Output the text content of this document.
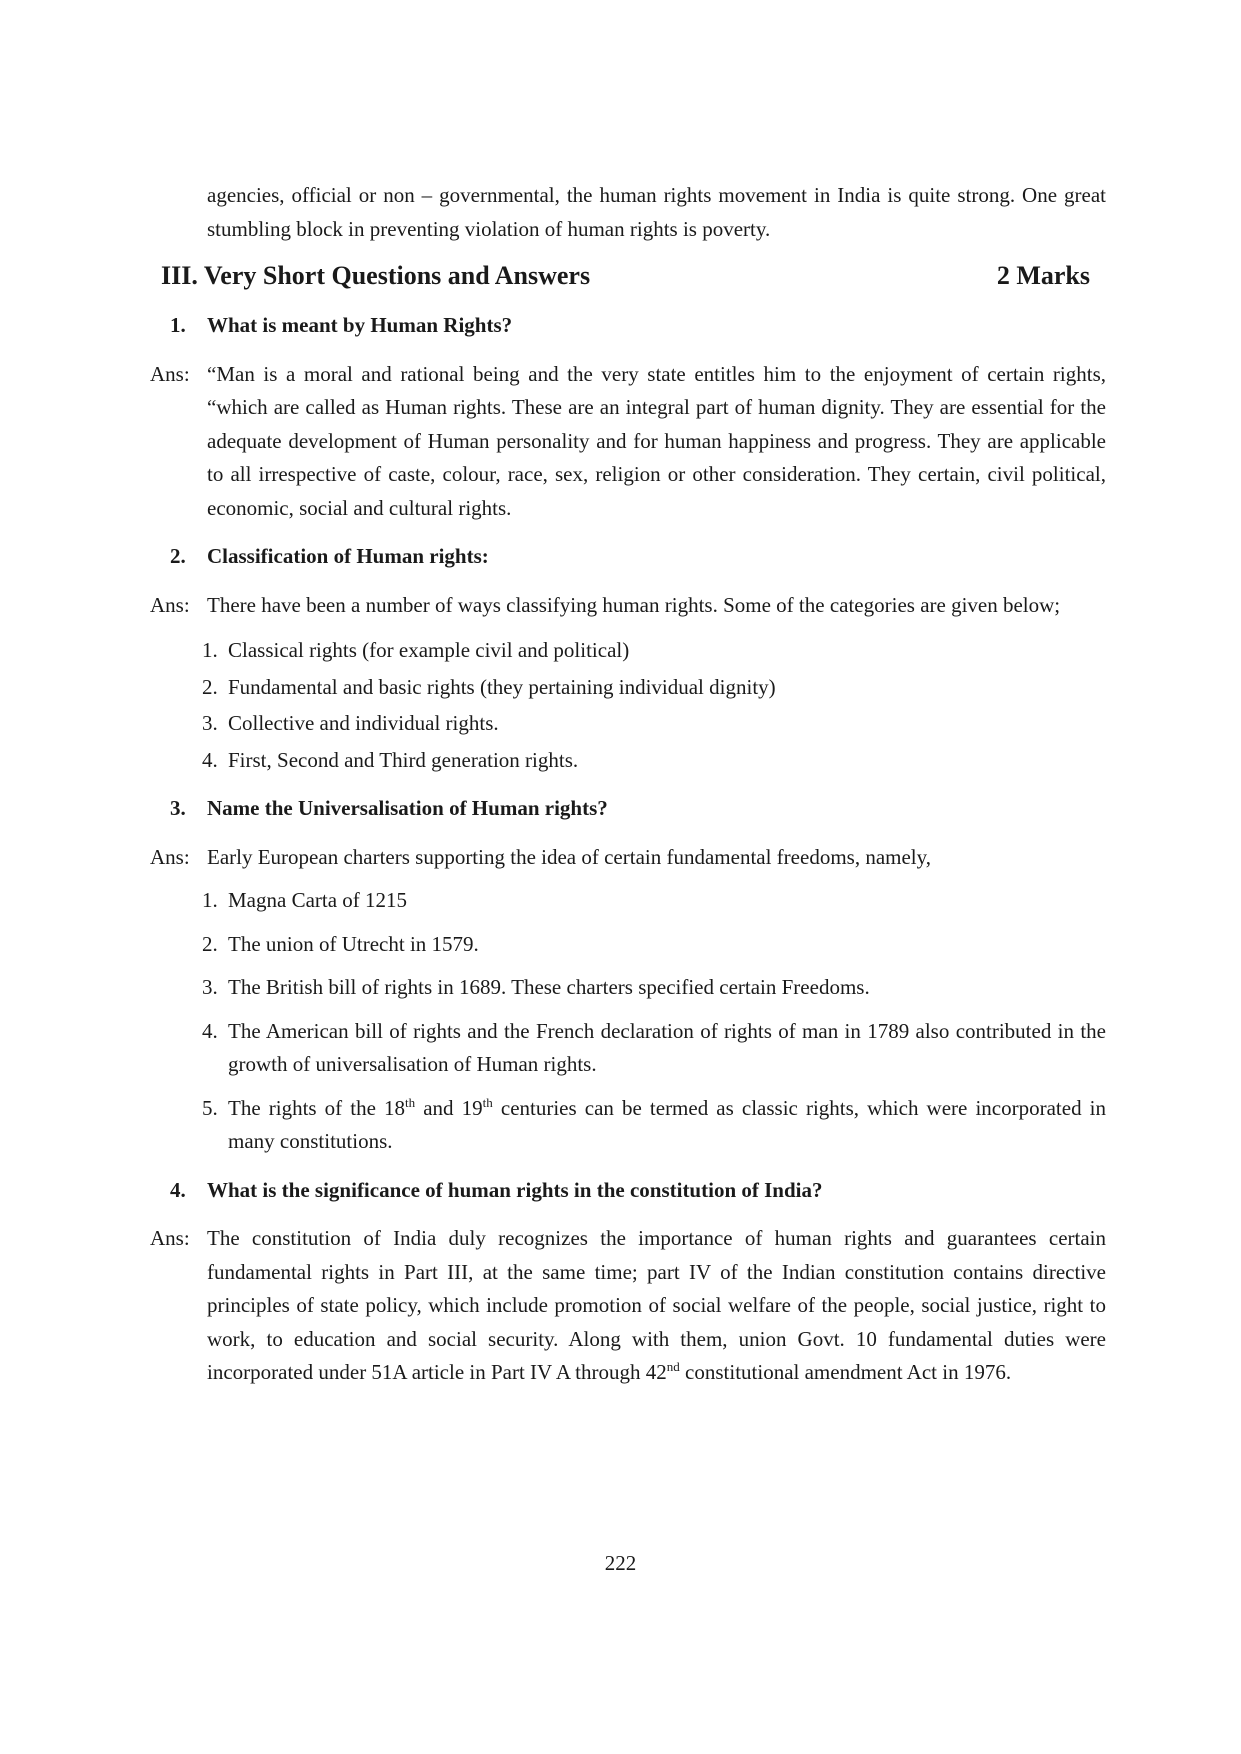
agencies, official or non – governmental, the human rights movement in India is quite strong. One great stumbling block in preventing violation of human rights is poverty.

III. Very Short Questions and Answers	2 Marks
1.	What is meant by Human Rights?
Ans: “Man is a moral and rational being and the very state entitles him to the enjoyment of certain rights, “which are called as Human rights. These are an integral part of human dignity. They are essential for the adequate development of Human personality and for human happiness and progress. They are applicable to all irrespective of caste, colour, race, sex, religion or other consideration. They certain, civil political, economic, social and cultural rights.

2.	Classification of Human rights:
Ans: There have been a number of ways classifying human rights. Some of the categories are given below;

1. Classical rights (for example civil and political)
2. Fundamental and basic rights (they pertaining individual dignity)
3. Collective and individual rights.
4. First, Second and Third generation rights.
3.	Name the Universalisation of Human rights?
Ans: Early European charters supporting the idea of certain fundamental freedoms, namely,

1. Magna Carta of 1215
2. The union of Utrecht in 1579.
3. The British bill of rights in 1689. These charters specified certain Freedoms.
4. The American bill of rights and the French declaration of rights of man in 1789 also contributed in the growth of universalisation of Human rights.
5. The rights of the 18th and 19th centuries can be termed as classic rights, which were incorporated in many constitutions.
4.	What is the significance of human rights in the constitution of India?
Ans: The constitution of India duly recognizes the importance of human rights and guarantees certain fundamental rights in Part III, at the same time; part IV of the Indian constitution contains directive principles of state policy, which include promotion of social welfare of the people, social justice, right to work, to education and social security. Along with them, union Govt. 10 fundamental duties were incorporated under 51A article in Part IV A through 42nd constitutional amendment Act in 1976.

222
